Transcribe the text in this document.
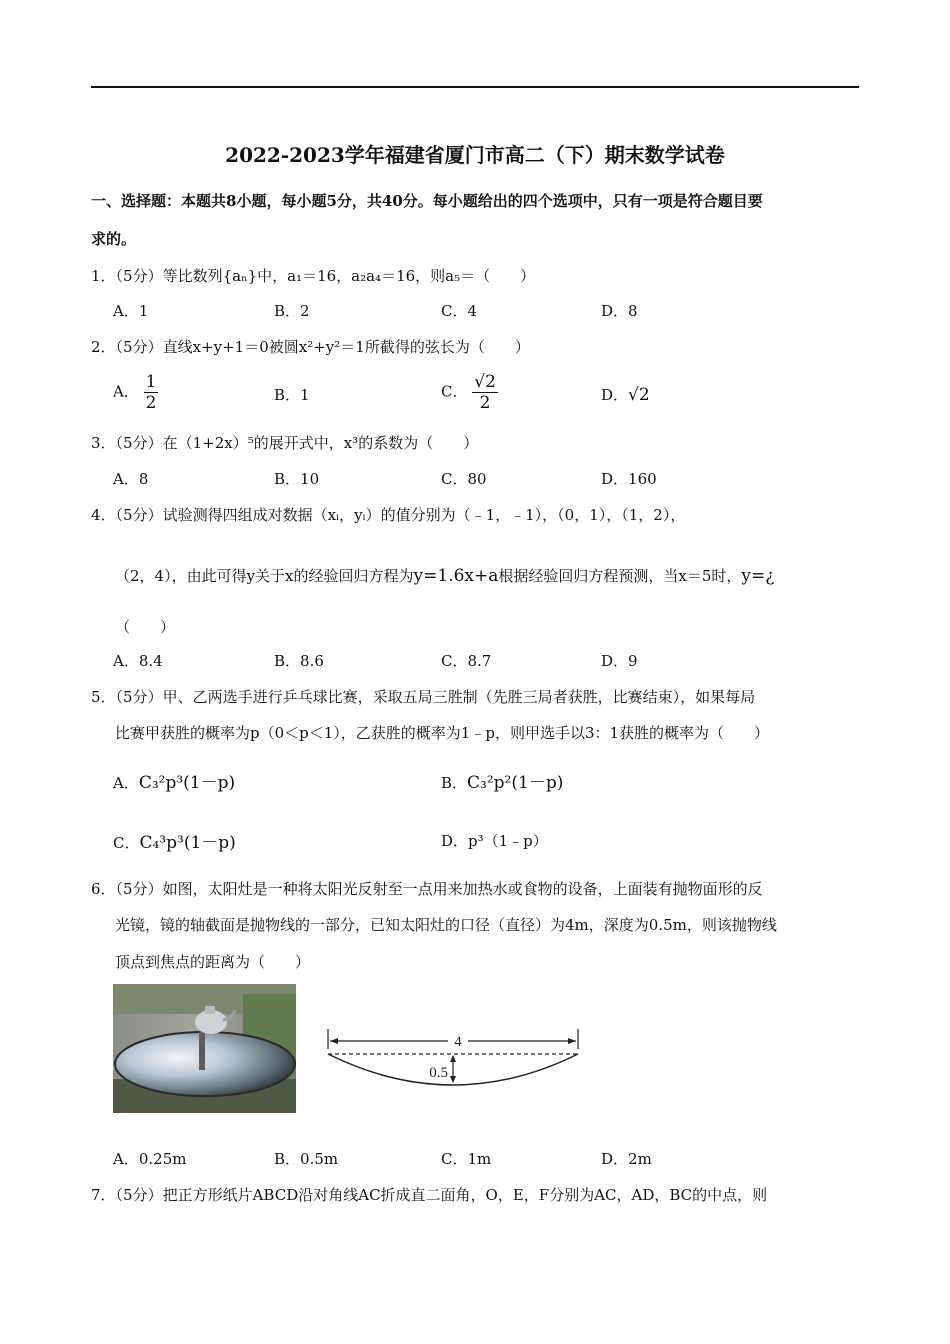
2022-2023学年福建省厦门市高二（下）期末数学试卷
一、选择题：本题共8小题，每小题5分，共40分。每小题给出的四个选项中，只有一项是符合题目要
求的。
1．（5分）等比数列{aₙ}中，a₁＝16，a₂a₄＝16，则a₅＝（　　）
A．1	B．2	C．4	D．8
2．（5分）直线x+y+1＝0被圆x²+y²＝1所截得的弦长为（　　）
A． $\frac{1}{2}$	B．1	C． $\frac{√2}{2}$	D．√2
3．（5分）在（1+2x）⁵的展开式中，x³的系数为（　　）
A．8	B．10	C．80	D．160
4．（5分）试验测得四组成对数据（xᵢ，yᵢ）的值分别为（﹣1，﹣1），（0，1），（1，2），
（2，4），由此可得y关于x的经验回归方程为y=1.6x+a根据经验回归方程预测，当x＝5时，y=¿
（　　）
A．8.4	B．8.6	C．8.7	D．9
5．（5分）甲、乙两选手进行乒乓球比赛，采取五局三胜制（先胜三局者获胜，比赛结束），如果每局
比赛甲获胜的概率为p（0＜p＜1），乙获胜的概率为1﹣p，则甲选手以3：1获胜的概率为（　　）
A．C₃²p³(1－p)	B．C₃²p²(1－p)
C．C₄³p³(1－p)	D．p³（1﹣p）
6．（5分）如图，太阳灶是一种将太阳光反射至一点用来加热水或食物的设备，上面装有抛物面形的反
光镜，镜的轴截面是抛物线的一部分，已知太阳灶的口径（直径）为4m，深度为0.5m，则该抛物线
顶点到焦点的距离为（　　）
4
0.5
A．0.25m	B．0.5m	C．1m	D．2m
7．（5分）把正方形纸片ABCD沿对角线AC折成直二面角，O，E，F分别为AC，AD，BC的中点，则
